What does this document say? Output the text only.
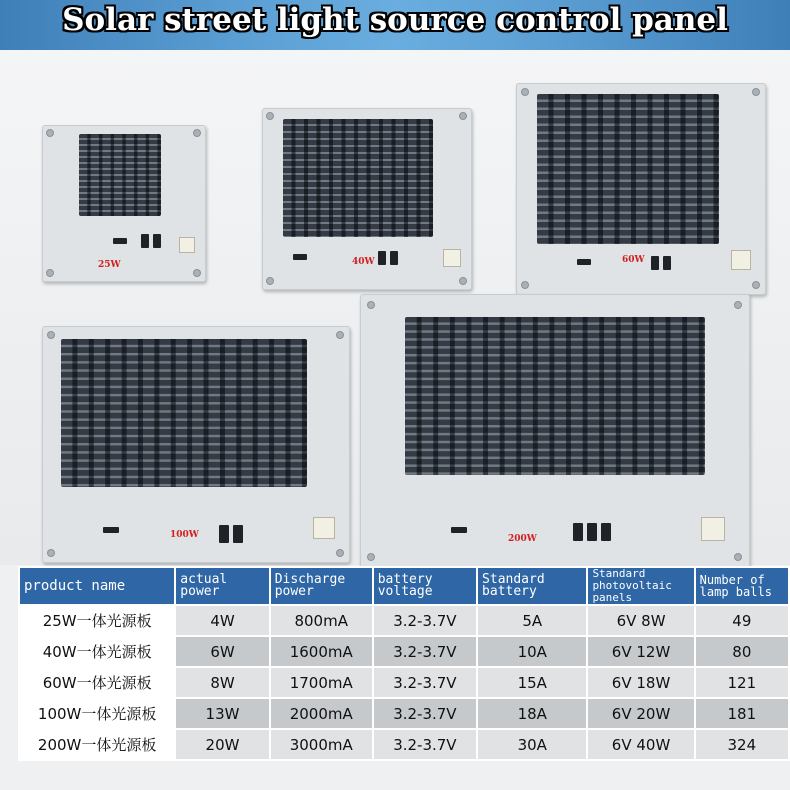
Solar street light source control panel
25W	40W	60W
100W	200W
product name	actual power	Discharge power	battery voltage	Standard battery	Standard photovoltaic panels	Number of lamp balls
25W一体光源板	4W	800mA	3.2-3.7V	5A	6V 8W	49
40W一体光源板	6W	1600mA	3.2-3.7V	10A	6V 12W	80
60W一体光源板	8W	1700mA	3.2-3.7V	15A	6V 18W	121
100W一体光源板	13W	2000mA	3.2-3.7V	18A	6V 20W	181
200W一体光源板	20W	3000mA	3.2-3.7V	30A	6V 40W	324
